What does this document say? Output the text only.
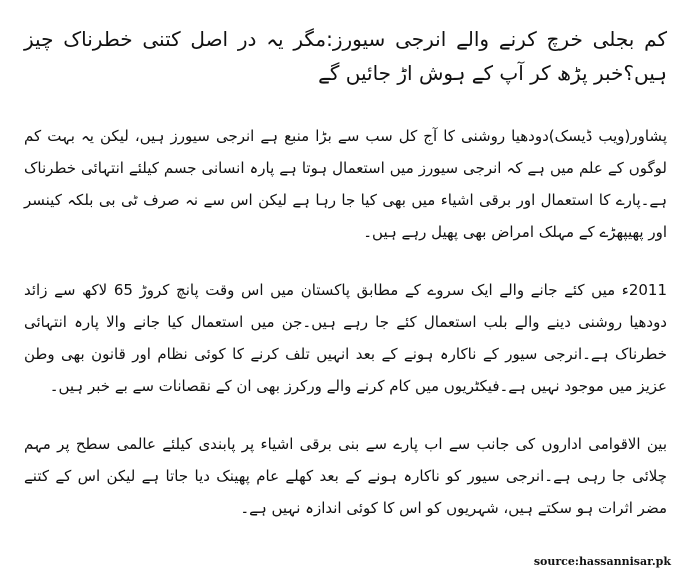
کم بجلی خرچ کرنے والے انرجی سیورز:مگر یہ در اصل کتنی خطرناک چیز ہیں؟خبر پڑھ کر آپ کے ہوش اڑ جائیں گے

پشاور(ویب ڈیسک)دودھیا روشنی کا آج کل سب سے بڑا منبع ہے انرجی سیورز ہیں، لیکن یہ بہت کم لوگوں کے علم میں ہے کہ انرجی سیورز میں استعمال ہوتا ہے پارہ انسانی جسم کیلئے انتہائی خطرناک ہے۔پارے کا استعمال اور برقی اشیاء میں بھی کیا جا رہا ہے لیکن اس سے نہ صرف ٹی بی بلکہ کینسر اور پھیپھڑے کے مہلک امراض بھی پھیل رہے ہیں۔

2011ء میں کئے جانے والے ایک سروے کے مطابق پاکستان میں اس وقت پانچ کروڑ 65 لاکھ سے زائد دودھیا روشنی دینے والے بلب استعمال کئے جا رہے ہیں۔جن میں استعمال کیا جانے والا پارہ انتہائی خطرناک ہے۔انرجی سیور کے ناکارہ ہونے کے بعد انہیں تلف کرنے کا کوئی نظام اور قانون بھی وطن عزیز میں موجود نہیں ہے۔فیکٹریوں میں کام کرنے والے ورکرز بھی ان کے نقصانات سے بے خبر ہیں۔

بین الاقوامی اداروں کی جانب سے اب پارے سے بنی برقی اشیاء پر پابندی کیلئے عالمی سطح پر مہم چلائی جا رہی ہے۔انرجی سیور کو ناکارہ ہونے کے بعد کھلے عام پھینک دیا جاتا ہے لیکن اس کے کتنے مضر اثرات ہو سکتے ہیں، شہریوں کو اس کا کوئی اندازہ نہیں ہے۔

source:hassannisar.pk
